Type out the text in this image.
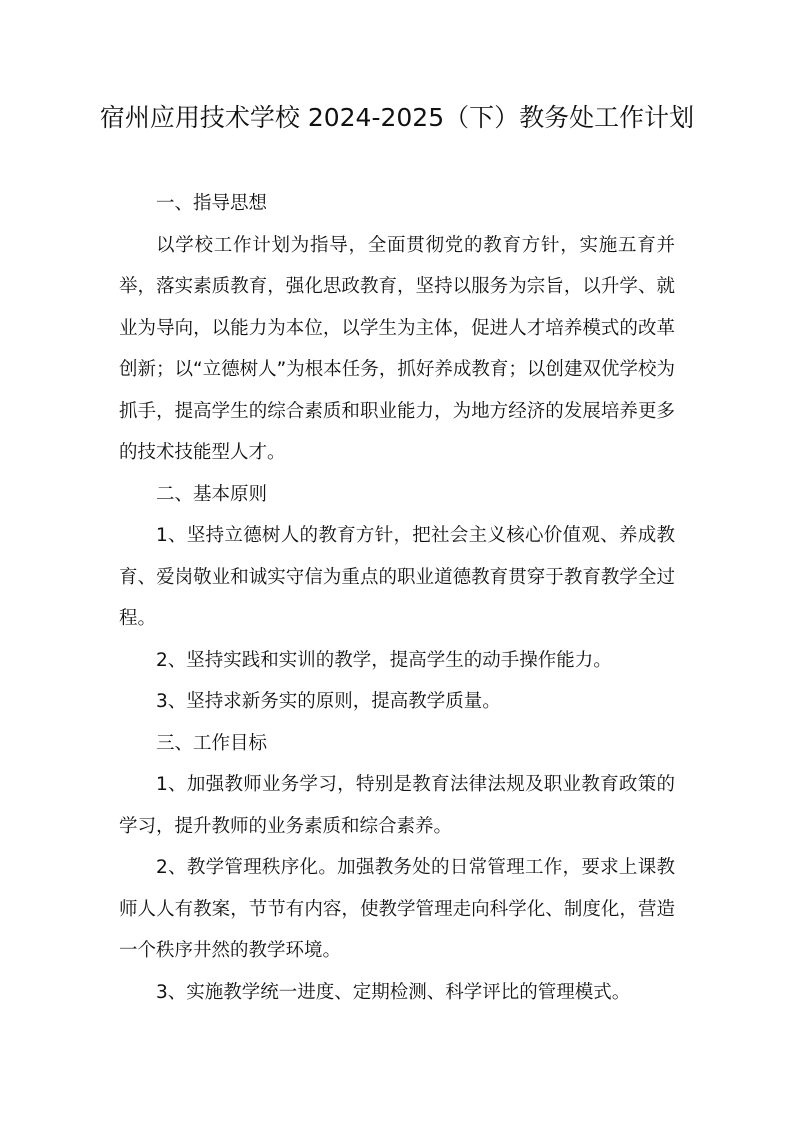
宿州应用技术学校 2024-2025（下）教务处工作计划

一、指导思想

以学校工作计划为指导，全面贯彻党的教育方针，实施五育并举，落实素质教育，强化思政教育，坚持以服务为宗旨，以升学、就业为导向，以能力为本位，以学生为主体，促进人才培养模式的改革创新；以“立德树人”为根本任务，抓好养成教育；以创建双优学校为抓手，提高学生的综合素质和职业能力，为地方经济的发展培养更多的技术技能型人才。

二、基本原则

1、坚持立德树人的教育方针，把社会主义核心价值观、养成教育、爱岗敬业和诚实守信为重点的职业道德教育贯穿于教育教学全过程。

2、坚持实践和实训的教学，提高学生的动手操作能力。

3、坚持求新务实的原则，提高教学质量。

三、工作目标

1、加强教师业务学习，特别是教育法律法规及职业教育政策的学习，提升教师的业务素质和综合素养。

2、教学管理秩序化。加强教务处的日常管理工作，要求上课教师人人有教案，节节有内容，使教学管理走向科学化、制度化，营造一个秩序井然的教学环境。

3、实施教学统一进度、定期检测、科学评比的管理模式。
